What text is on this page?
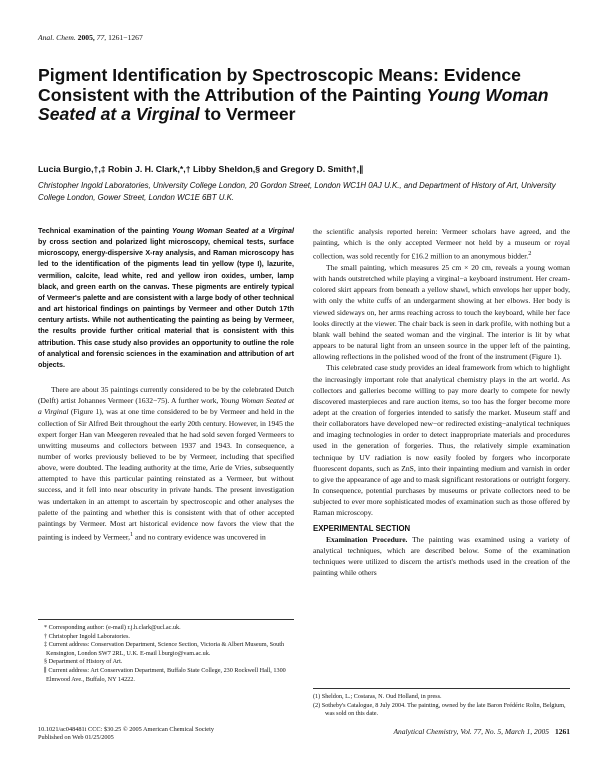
Anal. Chem. 2005, 77, 1261−1267
Pigment Identification by Spectroscopic Means: Evidence Consistent with the Attribution of the Painting Young Woman Seated at a Virginal to Vermeer
Lucia Burgio,†,‡ Robin J. H. Clark,*,† Libby Sheldon,§ and Gregory D. Smith†,∥
Christopher Ingold Laboratories, University College London, 20 Gordon Street, London WC1H 0AJ U.K., and Department of History of Art, University College London, Gower Street, London WC1E 6BT U.K.

Technical examination of the painting Young Woman Seated at a Virginal by cross section and polarized light microscopy, chemical tests, surface microscopy, energy-dispersive X-ray analysis, and Raman microscopy has led to the identification of the pigments lead tin yellow (type I), lazurite, vermilion, calcite, lead white, red and yellow iron oxides, umber, lamp black, and green earth on the canvas. These pigments are entirely typical of Vermeer's palette and are consistent with a large body of other technical and art historical findings on paintings by Vermeer and other Dutch 17th century artists. While not authenticating the painting as being by Vermeer, the results provide further critical material that is consistent with this attribution. This case study also provides an opportunity to outline the role of analytical and forensic sciences in the examination and attribution of art objects.

There are about 35 paintings currently considered to be by the celebrated Dutch (Delft) artist Johannes Vermeer (1632−75). A further work, Young Woman Seated at a Virginal (Figure 1), was at one time considered to be by Vermeer and held in the collection of Sir Alfred Beit throughout the early 20th century. However, in 1945 the expert forger Han van Meegeren revealed that he had sold seven forged Vermeers to unwitting museums and collectors between 1937 and 1943. In consequence, a number of works previously believed to be by Vermeer, including that specified above, were doubted. The leading authority at the time, Arie de Vries, subsequently attempted to have this particular painting reinstated as a Vermeer, but without success, and it fell into near obscurity in private hands. The present investigation was undertaken in an attempt to ascertain by spectroscopic and other analyses the palette of the painting and whether this is consistent with that of other accepted paintings by Vermeer. Most art historical evidence now favors the view that the painting is indeed by Vermeer,$^1$ and no contrary evidence was uncovered in

* Corresponding author: (e-mail) r.j.h.clark@ucl.ac.uk.

† Christopher Ingold Laboratories.

‡ Current address: Conservation Department, Science Section, Victoria & Albert Museum, South Kensington, London SW7 2RL, U.K. E-mail l.burgio@vam.ac.uk.

§ Department of History of Art.

∥ Current address: Art Conservation Department, Buffalo State College, 230 Rockwell Hall, 1300 Elmwood Ave., Buffalo, NY 14222.

the scientific analysis reported herein: Vermeer scholars have agreed, and the painting, which is the only accepted Vermeer not held by a museum or royal collection, was sold recently for £16.2 million to an anonymous bidder.$^2$

The small painting, which measures 25 cm × 20 cm, reveals a young woman with hands outstretched while playing a virginal−a keyboard instrument. Her cream-colored skirt appears from beneath a yellow shawl, which envelops her upper body, with only the white cuffs of an undergarment showing at her elbows. Her body is viewed sideways on, her arms reaching across to touch the keyboard, while her face looks directly at the viewer. The chair back is seen in dark profile, with nothing but a blank wall behind the seated woman and the virginal. The interior is lit by what appears to be natural light from an unseen source in the upper left of the painting, allowing reflections in the polished wood of the front of the instrument (Figure 1).

This celebrated case study provides an ideal framework from which to highlight the increasingly important role that analytical chemistry plays in the art world. As collectors and galleries become willing to pay more dearly to compete for newly discovered masterpieces and rare auction items, so too has the forger become more adept at the creation of forgeries intended to satisfy the market. Museum staff and their collaborators have developed new−or redirected existing−analytical techniques and imaging technologies in order to detect inappropriate materials and procedures used in the generation of forgeries. Thus, the relatively simple examination technique by UV radiation is now easily fooled by forgers who incorporate fluorescent dopants, such as ZnS, into their inpainting medium and varnish in order to give the appearance of age and to mask significant restorations or outright forgery. In consequence, potential purchases by museums or private collectors need to be subjected to ever more sophisticated modes of examination such as those offered by Raman microscopy.

EXPERIMENTAL SECTION

Examination Procedure. The painting was examined using a variety of analytical techniques, which are described below. Some of the examination techniques were utilized to discern the artist's methods used in the creation of the painting while others

(1) Sheldon, L.; Costaras, N. Oud Holland, in press.

(2) Sotheby's Catalogue, 8 July 2004. The painting, owned by the late Baron Frédéric Rolin, Belgium, was sold on this date.

10.1021/ac048481i CCC: $30.25 © 2005 American Chemical Society
Published on Web 01/25/2005
Analytical Chemistry, Vol. 77, No. 5, March 1, 2005 1261
